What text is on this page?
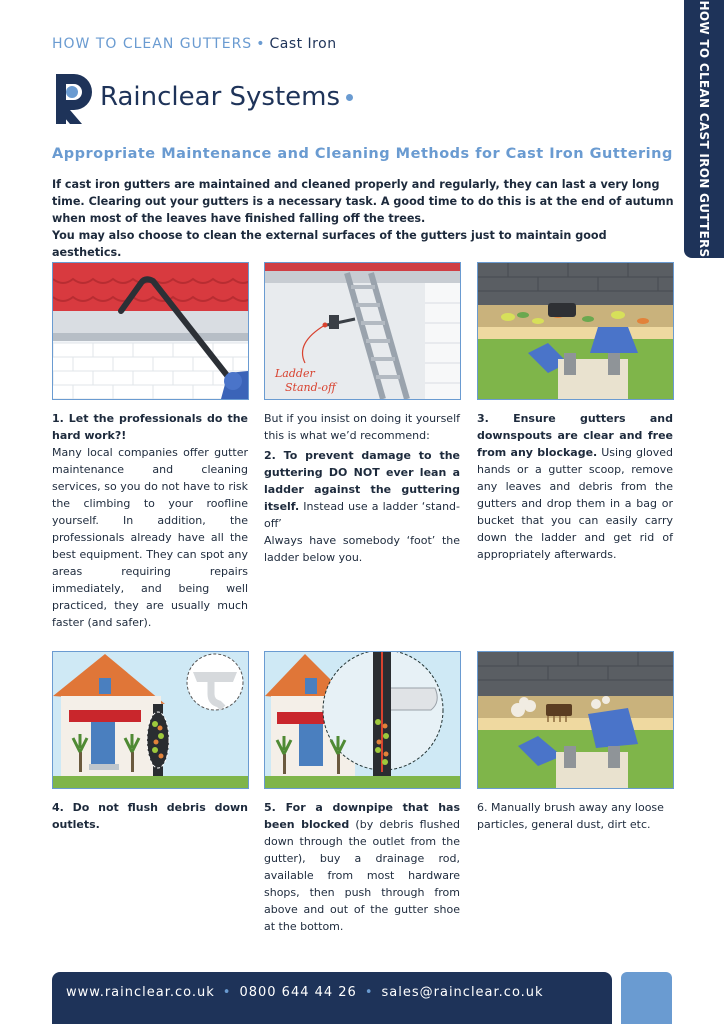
HOW TO CLEAN GUTTERS • Cast Iron	HOW TO CLEAN CAST IRON GUTTERS
Rainclear Systems
Appropriate Maintenance and Cleaning Methods for Cast Iron Guttering

If cast iron gutters are maintained and cleaned properly and regularly, they can last a very long time. Clearing out your gutters is a necessary task. A good time to do this is at the end of autumn when most of the leaves have finished falling off the trees.

You may also choose to clean the external surfaces of the gutters just to maintain good aesthetics.

Ladder
Stand-off

1. Let the professionals do the hard work?!

Many local companies offer gutter maintenance and cleaning services, so you do not have to risk the climbing to your roofline yourself. In addition, the professionals already have all the best equipment. They can spot any areas requiring repairs immediately, and being well practiced, they are usually much faster (and safer).

But if you insist on doing it yourself this is what we’d recommend:

2. To prevent damage to the guttering DO NOT ever lean a ladder against the guttering itself. Instead use a ladder ‘stand-off’

Always have somebody ‘foot’ the ladder below you.

3. Ensure gutters and downspouts are clear and free from any blockage. Using gloved hands or a gutter scoop, remove any leaves and debris from the gutters and drop them in a bag or bucket that you can easily carry down the ladder and get rid of appropriately afterwards.

4. Do not flush debris down outlets.

5. For a downpipe that has been blocked (by debris flushed down through the outlet from the gutter), buy a drainage rod, available from most hardware shops, then push through from above and out of the gutter shoe at the bottom.

6. Manually brush away any loose particles, general dust, dirt etc.

www.rainclear.co.uk • 0800 644 44 26 • sales@rainclear.co.uk
